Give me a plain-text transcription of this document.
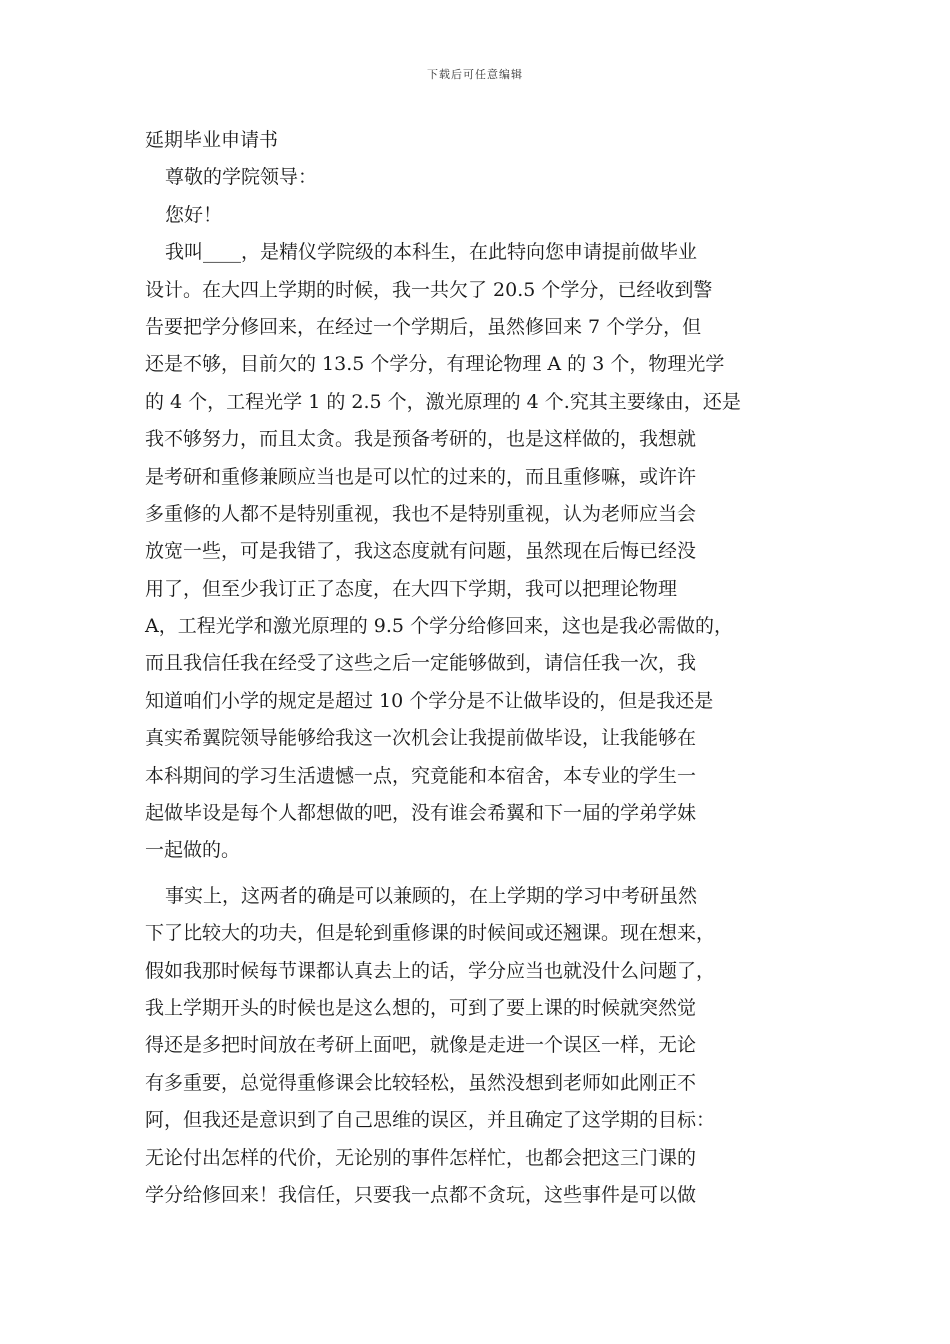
下载后可任意编辑
延期毕业申请书
尊敬的学院领导：
您好！
我叫____，是精仪学院级的本科生，在此特向您申请提前做毕业
设计。在大四上学期的时候，我一共欠了 20.5 个学分，已经收到警
告要把学分修回来，在经过一个学期后，虽然修回来 7 个学分，但
还是不够，目前欠的 13.5 个学分，有理论物理 A 的 3 个，物理光学
的 4 个，工程光学 1 的 2.5 个，激光原理的 4 个.究其主要缘由，还是
我不够努力，而且太贪。我是预备考研的，也是这样做的，我想就
是考研和重修兼顾应当也是可以忙的过来的，而且重修嘛，或许许
多重修的人都不是特别重视，我也不是特别重视，认为老师应当会
放宽一些，可是我错了，我这态度就有问题，虽然现在后悔已经没
用了，但至少我订正了态度，在大四下学期，我可以把理论物理
A，工程光学和激光原理的 9.5 个学分给修回来，这也是我必需做的，
而且我信任我在经受了这些之后一定能够做到，请信任我一次，我
知道咱们小学的规定是超过 10 个学分是不让做毕设的，但是我还是
真实希翼院领导能够给我这一次机会让我提前做毕设，让我能够在
本科期间的学习生活遗憾一点，究竟能和本宿舍，本专业的学生一
起做毕设是每个人都想做的吧，没有谁会希翼和下一届的学弟学妹
一起做的。
事实上，这两者的确是可以兼顾的，在上学期的学习中考研虽然
下了比较大的功夫，但是轮到重修课的时候间或还翘课。现在想来，
假如我那时候每节课都认真去上的话，学分应当也就没什么问题了，
我上学期开头的时候也是这么想的，可到了要上课的时候就突然觉
得还是多把时间放在考研上面吧，就像是走进一个误区一样，无论
有多重要，总觉得重修课会比较轻松，虽然没想到老师如此刚正不
阿，但我还是意识到了自己思维的误区，并且确定了这学期的目标：
无论付出怎样的代价，无论别的事件怎样忙，也都会把这三门课的
学分给修回来！我信任，只要我一点都不贪玩，这些事件是可以做
